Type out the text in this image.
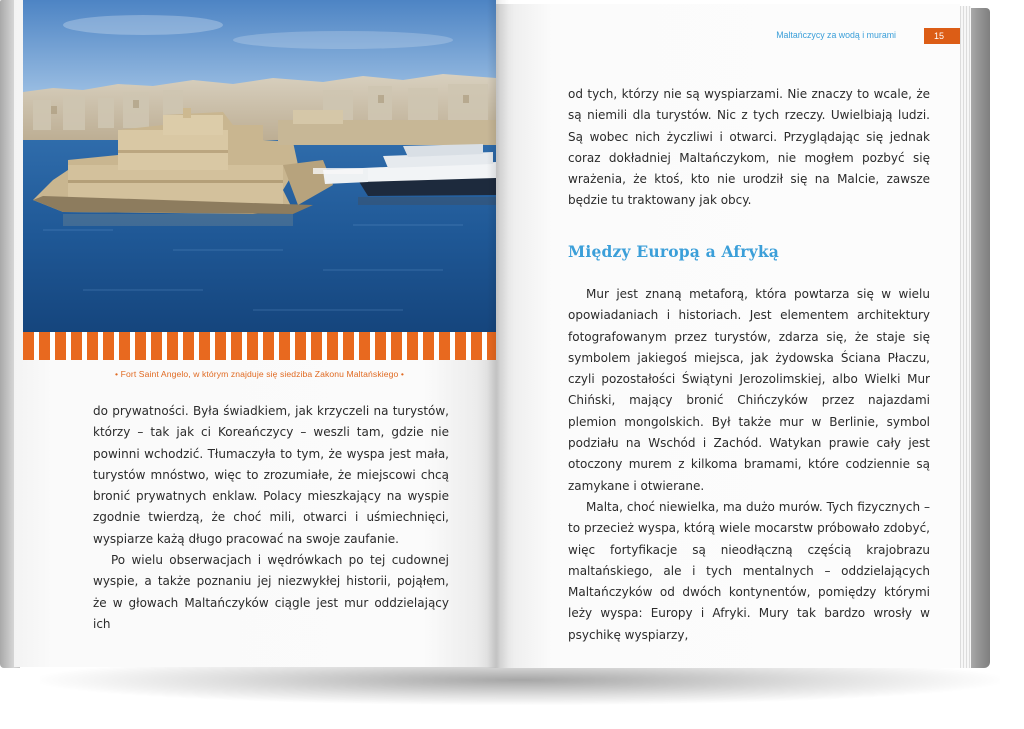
• Fort Saint Angelo, w którym znajduje się siedziba Zakonu Maltańskiego •

do prywatności. Była świadkiem, jak krzyczeli na turystów, którzy – tak jak ci Koreańczycy – weszli tam, gdzie nie powinni wchodzić. Tłumaczyła to tym, że wyspa jest mała, turystów mnóstwo, więc to zrozumiałe, że miejscowi chcą bronić prywatnych enklaw. Polacy mieszkający na wyspie zgodnie twierdzą, że choć mili, otwarci i uśmiechnięci, wyspiarze każą długo pracować na swoje zaufanie.

Po wielu obserwacjach i wędrówkach po tej cudownej wyspie, a także poznaniu jej niezwykłej historii, pojąłem, że w głowach Maltańczyków ciągle jest mur oddzielający ich

Maltańczycy za wodą i murami	15

od tych, którzy nie są wyspiarzami. Nie znaczy to wcale, że są niemili dla turystów. Nic z tych rzeczy. Uwielbiają ludzi. Są wobec nich życzliwi i otwarci. Przyglądając się jednak coraz dokładniej Maltańczykom, nie mogłem pozbyć się wrażenia, że ktoś, kto nie urodził się na Malcie, zawsze będzie tu traktowany jak obcy.

Między Europą a Afryką

Mur jest znaną metaforą, która powtarza się w wielu opowiadaniach i historiach. Jest elementem architektury fotografowanym przez turystów, zdarza się, że staje się symbolem jakiegoś miejsca, jak żydowska Ściana Płaczu, czyli pozostałości Świątyni Jerozolimskiej, albo Wielki Mur Chiński, mający bronić Chińczyków przez najazdami plemion mongolskich. Był także mur w Berlinie, symbol podziału na Wschód i Zachód. Watykan prawie cały jest otoczony murem z kilkoma bramami, które codziennie są zamykane i otwierane.

Malta, choć niewielka, ma dużo murów. Tych fizycznych – to przecież wyspa, którą wiele mocarstw próbowało zdobyć, więc fortyfikacje są nieodłączną częścią krajobrazu maltańskiego, ale i tych mentalnych – oddzielających Maltańczyków od dwóch kontynentów, pomiędzy którymi leży wyspa: Europy i Afryki. Mury tak bardzo wrosły w psychikę wyspiarzy,
